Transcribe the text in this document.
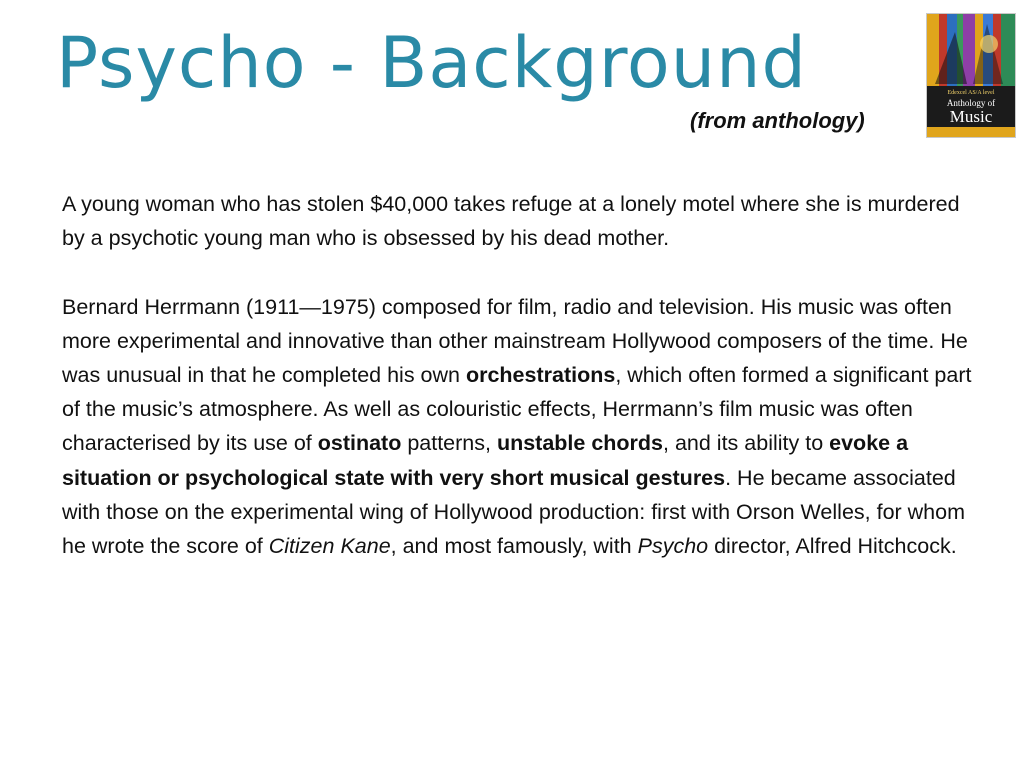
Psycho - Background
(from anthology)
Edexcel AS/A level
Anthology of
Music

A young woman who has stolen $40,000 takes refuge at a lonely motel where she is murdered by a psychotic young man who is obsessed by his dead mother.

Bernard Herrmann (1911—1975) composed for film, radio and television. His music was often more experimental and innovative than other mainstream Hollywood composers of the time. He was unusual in that he completed his own orchestrations, which often formed a significant part of the music’s atmosphere. As well as colouristic effects, Herrmann’s film music was often characterised by its use of ostinato patterns, unstable chords, and its ability to evoke a situation or psychological state with very short musical gestures. He became associated with those on the experimental wing of Hollywood production: first with Orson Welles, for whom he wrote the score of Citizen Kane, and most famously, with Psycho director, Alfred Hitchcock.
